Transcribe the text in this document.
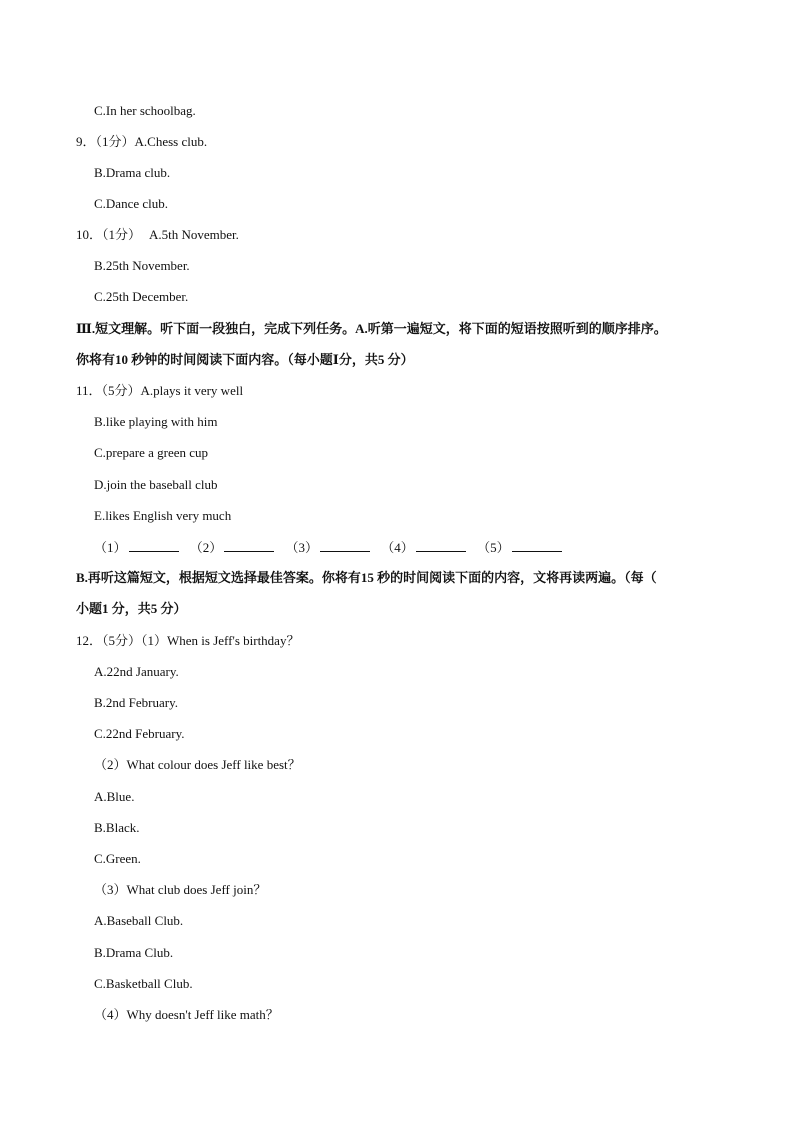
C.In her schoolbag.
9．（1分）A.Chess club.
B.Drama club.
C.Dance club.
10．（1分） A.5th November.
B.25th November.
C.25th December.
Ⅲ.短文理解。听下面一段独白，完成下列任务。A.听第一遍短文，将下面的短语按照听到的顺序排序。
你将有10 秒钟的时间阅读下面内容。（每小题Ⅰ分，共5 分）
11．（5分）A.plays it very well
B.like playing with him
C.prepare a green cup
D.join the baseball club
E.likes English very much
（1）	（2）	（3）	（4）	（5）
B.再听这篇短文，根据短文选择最佳答案。你将有15 秒的时间阅读下面的内容，文将再读两遍。（每（
小题1 分，共5 分）
12．（5分）（1）When is Jeff's birthday？
A.22nd January.
B.2nd February.
C.22nd February.
（2）What colour does Jeff like best？
A.Blue.
B.Black.
C.Green.
（3）What club does Jeff join？
A.Baseball Club.
B.Drama Club.
C.Basketball Club.
（4）Why doesn't Jeff like math？
